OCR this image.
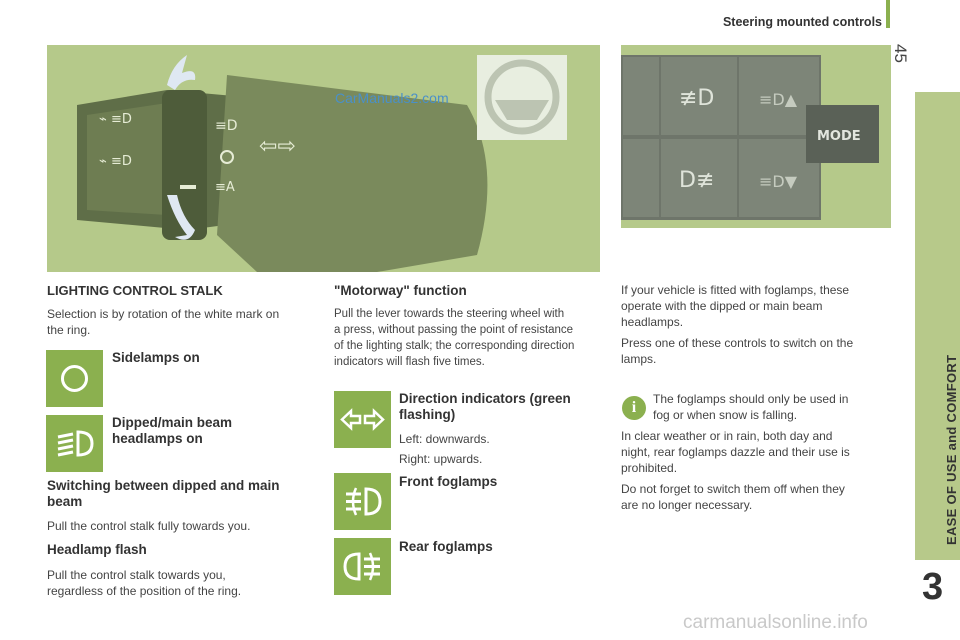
Steering mounted controls
45
EASE OF USE and COMFORT
3
⌁ ≡D
⌁ ≡D
≡D
≡A
⇦⇨
CarManuals2.com	≢D
D≢
≡D▲
≡D▼
MODE
LIGHTING CONTROL STALK
Selection is by rotation of the white mark on
the ring.
Sidelamps on
Dipped/main beam
headlamps on
Switching between dipped and main
beam
Pull the control stalk fully towards you.
Headlamp flash
Pull the control stalk towards you,
regardless of the position of the ring.
"Motorway" function
Pull the lever towards the steering wheel with
a press, without passing the point of resistance
of the lighting stalk; the corresponding direction
indicators will flash five times.
Direction indicators (green
flashing)
Left: downwards.
Right: upwards.
Front foglamps
Rear foglamps
If your vehicle is fitted with foglamps, these
operate with the dipped or main beam
headlamps.
Press one of these controls to switch on the
lamps.
i	The foglamps should only be used in
fog or when snow is falling.
In clear weather or in rain, both day and
night, rear foglamps dazzle and their use is
prohibited.
Do not forget to switch them off when they
are no longer necessary.
carmanualsonline.info
